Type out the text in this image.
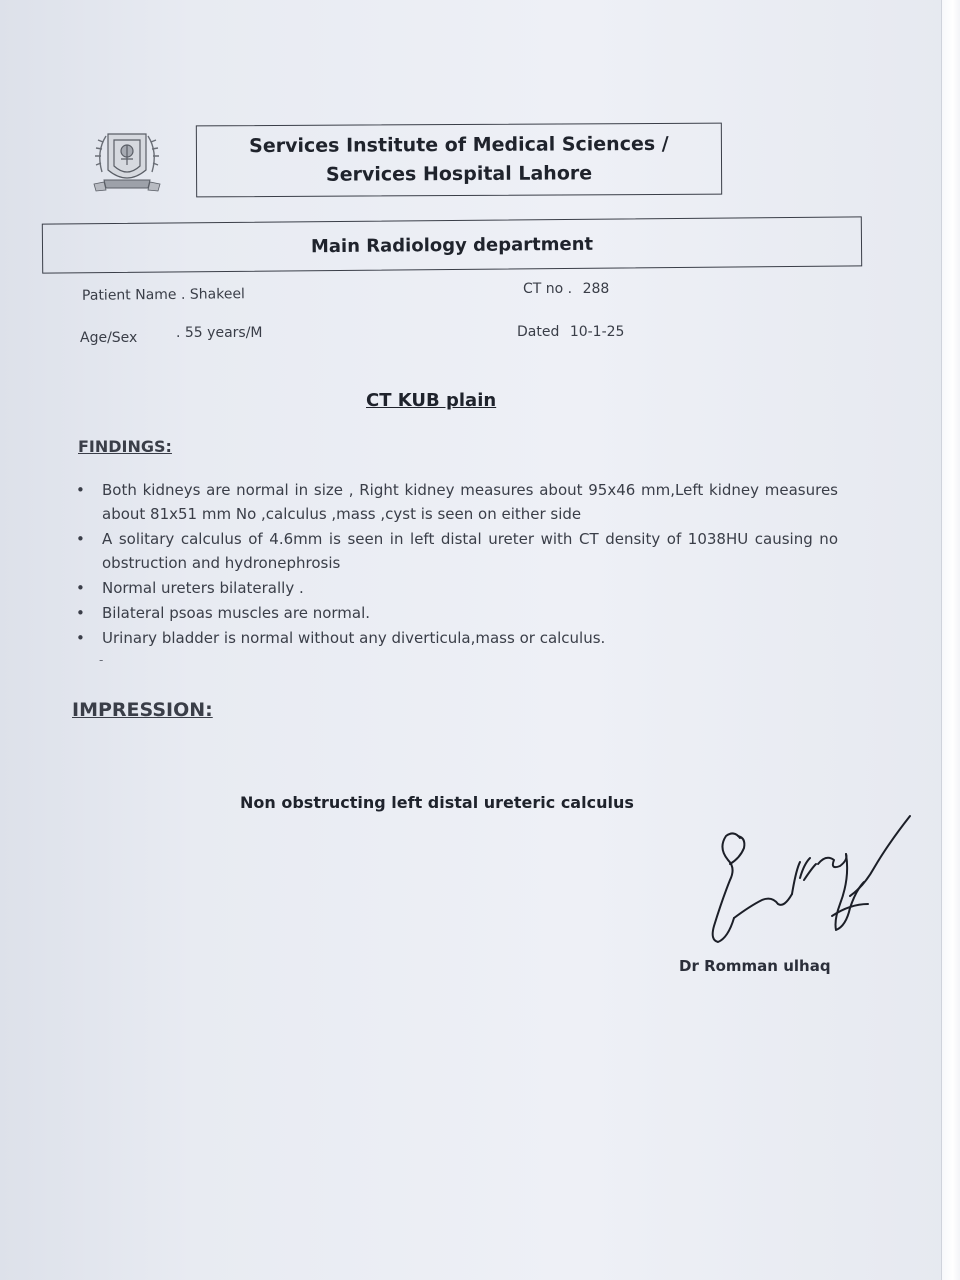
Services Institute of Medical Sciences /
Services Hospital Lahore
Main Radiology department
Patient Name . Shakeel	CT no . 288
Age/Sex	. 55 years/M	Dated 10-1-25
CT KUB plain
FINDINGS:
• Both kidneys are normal in size , Right kidney measures about 95x46 mm,Left kidney measures about 81x51 mm No ,calculus ,mass ,cyst is seen on either side
• A solitary calculus of 4.6mm is seen in left distal ureter with CT density of 1038HU causing no obstruction and hydronephrosis
• Normal ureters bilaterally .
• Bilateral psoas muscles are normal.
• Urinary bladder is normal without any diverticula,mass or calculus.
-
IMPRESSION:
Non obstructing left distal ureteric calculus
Dr Romman ulhaq
